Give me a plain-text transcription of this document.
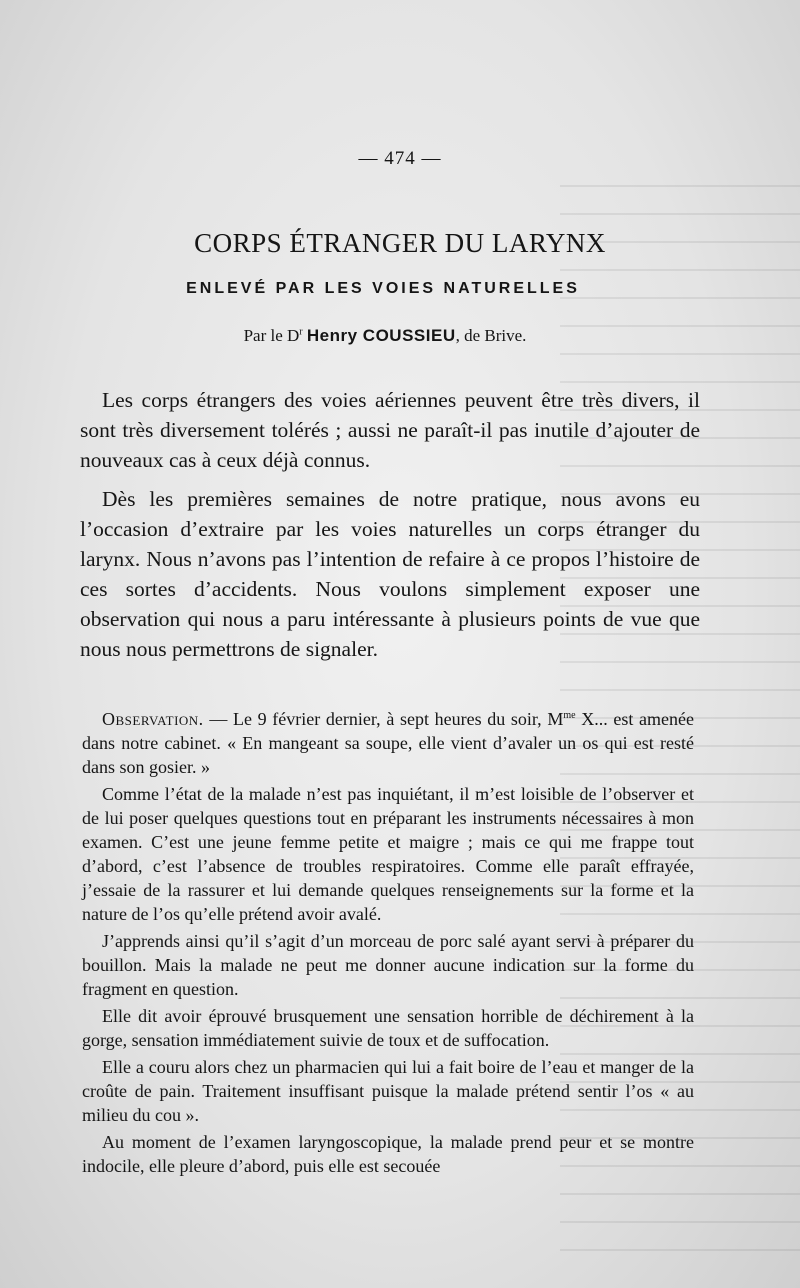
— 474 —
CORPS ÉTRANGER DU LARYNX
ENLEVÉ PAR LES VOIES NATURELLES
Par le $D^r$ Henry COUSSIEU, de Brive.

Les corps étrangers des voies aériennes peuvent être très divers, il sont très diversement tolérés ; aussi ne paraît-il pas inutile d’ajouter de nouveaux cas à ceux déjà connus.

Dès les premières semaines de notre pratique, nous avons eu l’occasion d’extraire par les voies naturelles un corps étranger du larynx. Nous n’avons pas l’intention de refaire à ce propos l’histoire de ces sortes d’accidents. Nous voulons simplement exposer une observation qui nous a paru intéressante à plusieurs points de vue que nous nous permettrons de signaler.

Observation. — Le 9 février dernier, à sept heures du soir, $M^{me}$ X... est amenée dans notre cabinet. « En mangeant sa soupe, elle vient d’avaler un os qui est resté dans son gosier. »

Comme l’état de la malade n’est pas inquiétant, il m’est loisible de l’observer et de lui poser quelques questions tout en préparant les instruments nécessaires à mon examen. C’est une jeune femme petite et maigre ; mais ce qui me frappe tout d’abord, c’est l’absence de troubles respiratoires. Comme elle paraît effrayée, j’essaie de la rassurer et lui demande quelques renseignements sur la forme et la nature de l’os qu’elle prétend avoir avalé.

J’apprends ainsi qu’il s’agit d’un morceau de porc salé ayant servi à préparer du bouillon. Mais la malade ne peut me donner aucune indication sur la forme du fragment en question.

Elle dit avoir éprouvé brusquement une sensation horrible de déchirement à la gorge, sensation immédiatement suivie de toux et de suffocation.

Elle a couru alors chez un pharmacien qui lui a fait boire de l’eau et manger de la croûte de pain. Traitement insuffisant puisque la malade prétend sentir l’os « au milieu du cou ».

Au moment de l’examen laryngoscopique, la malade prend peur et se montre indocile, elle pleure d’abord, puis elle est secouée
